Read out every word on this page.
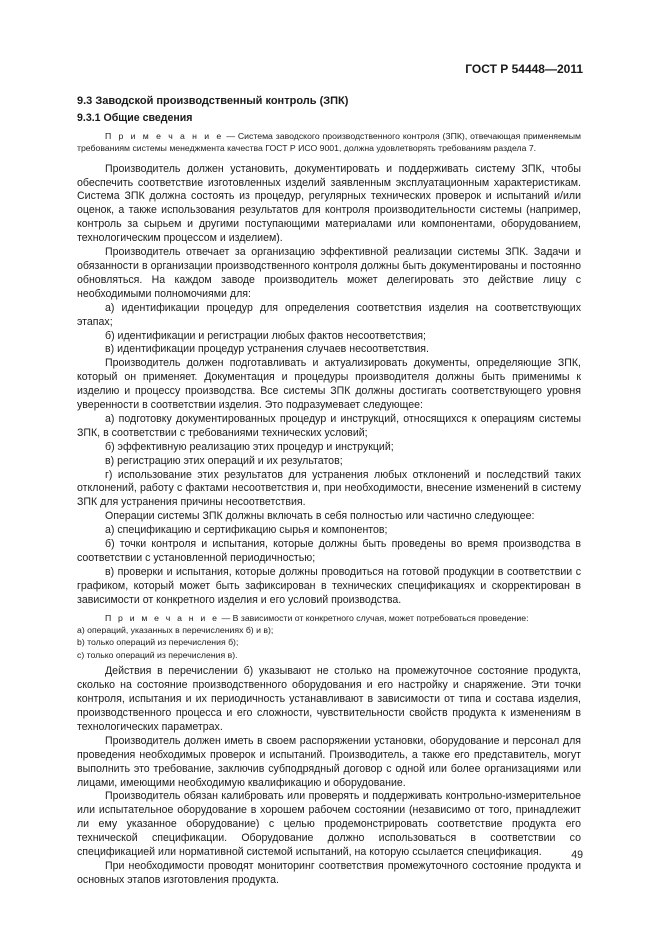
ГОСТ Р 54448—2011
9.3 Заводской производственный контроль (ЗПК)
9.3.1 Общие сведения
П р и м е ч а н и е — Система заводского производственного контроля (ЗПК), отвечающая применяемым требованиям системы менеджмента качества ГОСТ Р ИСО 9001, должна удовлетворять требованиям раздела 7.

Производитель должен установить, документировать и поддерживать систему ЗПК, чтобы обеспечить соответствие изготовленных изделий заявленным эксплуатационным характеристикам. Система ЗПК должна состоять из процедур, регулярных технических проверок и испытаний и/или оценок, а также использования результатов для контроля производительности системы (например, контроль за сырьем и другими поступающими материалами или компонентами, оборудованием, технологическим процессом и изделием).

Производитель отвечает за организацию эффективной реализации системы ЗПК. Задачи и обязанности в организации производственного контроля должны быть документированы и постоянно обновляться. На каждом заводе производитель может делегировать это действие лицу с необходимыми полномочиями для:

а) идентификации процедур для определения соответствия изделия на соответствующих этапах;

б) идентификации и регистрации любых фактов несоответствия;

в) идентификации процедур устранения случаев несоответствия.

Производитель должен подготавливать и актуализировать документы, определяющие ЗПК, который он применяет. Документация и процедуры производителя должны быть применимы к изделию и процессу производства. Все системы ЗПК должны достигать соответствующего уровня уверенности в соответствии изделия. Это подразумевает следующее:

а) подготовку документированных процедур и инструкций, относящихся к операциям системы ЗПК, в соответствии с требованиями технических условий;

б) эффективную реализацию этих процедур и инструкций;

в) регистрацию этих операций и их результатов;

г) использование этих результатов для устранения любых отклонений и последствий таких отклонений, работу с фактами несоответствия и, при необходимости, внесение изменений в систему ЗПК для устранения причины несоответствия.

Операции системы ЗПК должны включать в себя полностью или частично следующее:

а) спецификацию и сертификацию сырья и компонентов;

б) точки контроля и испытания, которые должны быть проведены во время производства в соответствии с установленной периодичностью;

в) проверки и испытания, которые должны проводиться на готовой продукции в соответствии с графиком, который может быть зафиксирован в технических спецификациях и скорректирован в зависимости от конкретного изделия и его условий производства.

П р и м е ч а н и е — В зависимости от конкретного случая, может потребоваться проведение:
а) операций, указанных в перечислениях б) и в);
b) только операций из перечисления б);
c) только операций из перечисления в).

Действия в перечислении б) указывают не столько на промежуточное состояние продукта, сколько на состояние производственного оборудования и его настройку и снаряжение. Эти точки контроля, испытания и их периодичность устанавливают в зависимости от типа и состава изделия, производственного процесса и его сложности, чувствительности свойств продукта к изменениям в технологических параметрах.

Производитель должен иметь в своем распоряжении установки, оборудование и персонал для проведения необходимых проверок и испытаний. Производитель, а также его представитель, могут выполнить это требование, заключив субподрядный договор с одной или более организациями или лицами, имеющими необходимую квалификацию и оборудование.

Производитель обязан калибровать или проверять и поддерживать контрольно-измерительное или испытательное оборудование в хорошем рабочем состоянии (независимо от того, принадлежит ли ему указанное оборудование) с целью продемонстрировать соответствие продукта его технической спецификации. Оборудование должно использоваться в соответствии со спецификацией или нормативной системой испытаний, на которую ссылается спецификация.

При необходимости проводят мониторинг соответствия промежуточного состояние продукта и основных этапов изготовления продукта.

49
